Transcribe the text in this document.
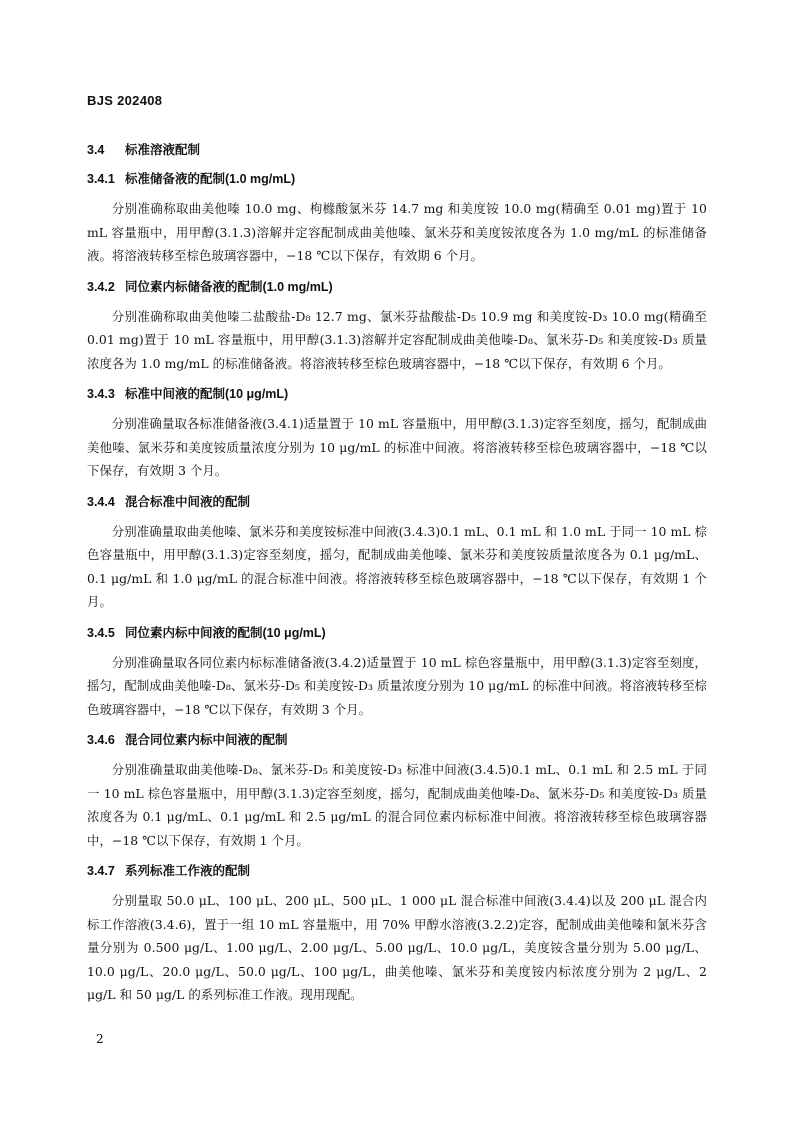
BJS 202408
3.4 标准溶液配制
3.4.1 标准储备液的配制(1.0 mg/mL)

分别准确称取曲美他嗪 10.0 mg、枸橼酸氯米芬 14.7 mg 和美度铵 10.0 mg(精确至 0.01 mg)置于 10 mL 容量瓶中，用甲醇(3.1.3)溶解并定容配制成曲美他嗪、氯米芬和美度铵浓度各为 1.0 mg/mL 的标准储备液。将溶液转移至棕色玻璃容器中，−18 ℃以下保存，有效期 6 个月。

3.4.2 同位素内标储备液的配制(1.0 mg/mL)

分别准确称取曲美他嗪二盐酸盐-D₈ 12.7 mg、氯米芬盐酸盐-D₅ 10.9 mg 和美度铵-D₃ 10.0 mg(精确至 0.01 mg)置于 10 mL 容量瓶中，用甲醇(3.1.3)溶解并定容配制成曲美他嗪-D₈、氯米芬-D₅ 和美度铵-D₃ 质量浓度各为 1.0 mg/mL 的标准储备液。将溶液转移至棕色玻璃容器中，−18 ℃以下保存，有效期 6 个月。

3.4.3 标准中间液的配制(10 μg/mL)

分别准确量取各标准储备液(3.4.1)适量置于 10 mL 容量瓶中，用甲醇(3.1.3)定容至刻度，摇匀，配制成曲美他嗪、氯米芬和美度铵质量浓度分别为 10 μg/mL 的标准中间液。将溶液转移至棕色玻璃容器中，−18 ℃以下保存，有效期 3 个月。

3.4.4 混合标准中间液的配制

分别准确量取曲美他嗪、氯米芬和美度铵标准中间液(3.4.3)0.1 mL、0.1 mL 和 1.0 mL 于同一 10 mL 棕色容量瓶中，用甲醇(3.1.3)定容至刻度，摇匀，配制成曲美他嗪、氯米芬和美度铵质量浓度各为 0.1 μg/mL、0.1 μg/mL 和 1.0 μg/mL 的混合标准中间液。将溶液转移至棕色玻璃容器中，−18 ℃以下保存，有效期 1 个月。

3.4.5 同位素内标中间液的配制(10 μg/mL)

分别准确量取各同位素内标标准储备液(3.4.2)适量置于 10 mL 棕色容量瓶中，用甲醇(3.1.3)定容至刻度，摇匀，配制成曲美他嗪-D₈、氯米芬-D₅ 和美度铵-D₃ 质量浓度分别为 10 μg/mL 的标准中间液。将溶液转移至棕色玻璃容器中，−18 ℃以下保存，有效期 3 个月。

3.4.6 混合同位素内标中间液的配制

分别准确量取曲美他嗪-D₈、氯米芬-D₅ 和美度铵-D₃ 标准中间液(3.4.5)0.1 mL、0.1 mL 和 2.5 mL 于同一 10 mL 棕色容量瓶中，用甲醇(3.1.3)定容至刻度，摇匀，配制成曲美他嗪-D₈、氯米芬-D₅ 和美度铵-D₃ 质量浓度各为 0.1 μg/mL、0.1 μg/mL 和 2.5 μg/mL 的混合同位素内标标准中间液。将溶液转移至棕色玻璃容器中，−18 ℃以下保存，有效期 1 个月。

3.4.7 系列标准工作液的配制

分别量取 50.0 μL、100 μL、200 μL、500 μL、1 000 μL 混合标准中间液(3.4.4)以及 200 μL 混合内标工作溶液(3.4.6)，置于一组 10 mL 容量瓶中，用 70% 甲醇水溶液(3.2.2)定容，配制成曲美他嗪和氯米芬含量分别为 0.500 μg/L、1.00 μg/L、2.00 μg/L、5.00 μg/L、10.0 μg/L，美度铵含量分别为 5.00 μg/L、10.0 μg/L、20.0 μg/L、50.0 μg/L、100 μg/L，曲美他嗪、氯米芬和美度铵内标浓度分别为 2 μg/L、2 μg/L 和 50 μg/L 的系列标准工作液。现用现配。

2
